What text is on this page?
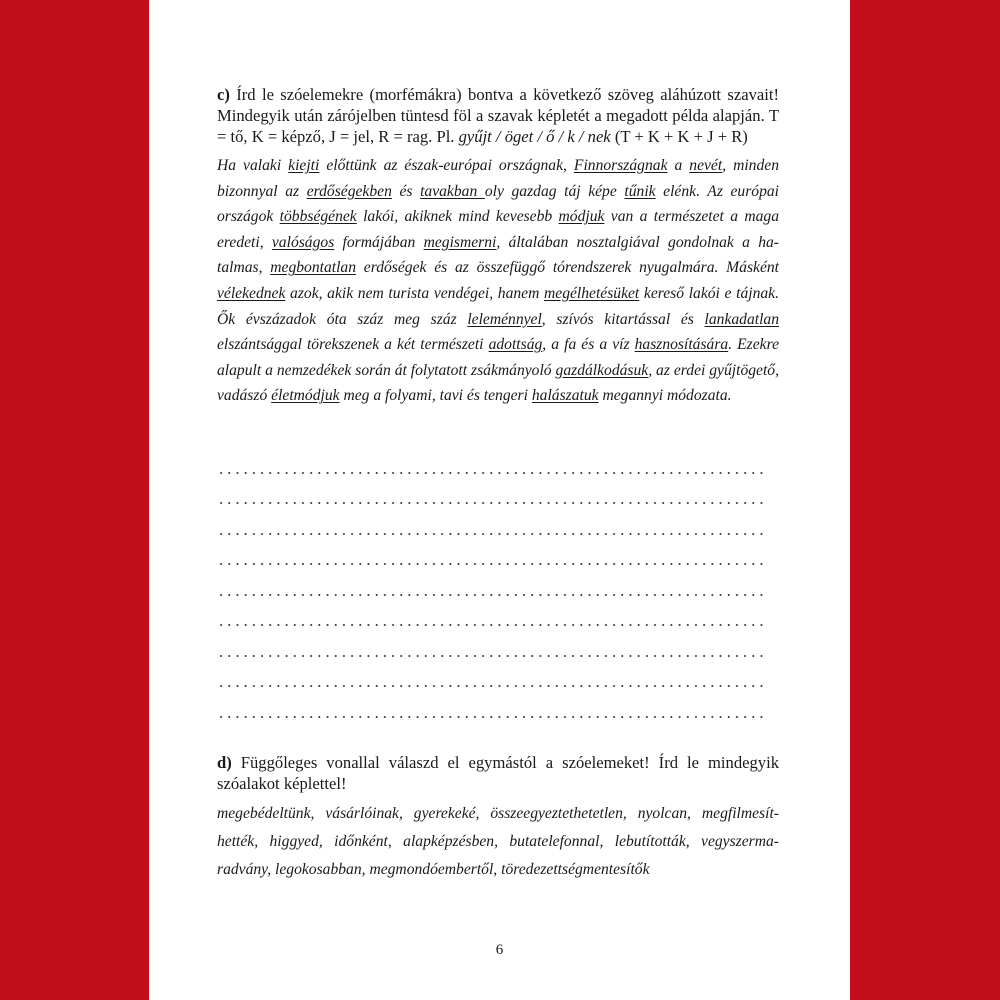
c) Írd le szóelemekre (morfémákra) bontva a következő szöveg aláhúzott szavait! Mindegyik után zárójelben tüntesd föl a szavak képletét a megadott példa alapján. T = tő, K = képző, J = jel, R = rag. Pl. gyűjt / öget / ő / k / nek (T + K + K + J + R)
Ha valaki kiejti előttünk az észak-európai országnak, Finnországnak a nevét, minden bizonnyal az erdőségekben és tavakban oly gazdag táj képe tűnik elénk. Az európai országok többségének lakói, akiknek mind kevesebb módjuk van a természetet a maga eredeti, valóságos formájában megismerni, általában nosztalgiával gondolnak a hatalmas, megbontatlan erdőségek és az összefüggő tórendszerek nyugalmára. Másként vélekednek azok, akik nem turista vendégei, hanem megélhetésüket kereső lakói e tájnak. Ők évszázadok óta száz meg száz leleménnyel, szívós kitartással és lankadatlan elszántsággal törekszenek a két természeti adottság, a fa és a víz hasznosítására. Ezekre alapult a nemzedékek során át folytatott zsákmányoló gazdálkodásuk, az erdei gyűjtögető, vadászó életmódjuk meg a folyami, tavi és tengeri halászatuk megannyi módozata.
d) Függőleges vonallal válaszd el egymástól a szóelemeket! Írd le mindegyik szóalakot képlettel!
megebédeltünk, vásárlóinak, gyerekeké, összeegyeztethetetlen, nyolcan, megfilmesíthették, higgyed, időnként, alapképzésben, butatelefonnal, lebutították, vegyszermaradvány, legokosabban, megmondóembertől, töredezettségmentesítők
6
